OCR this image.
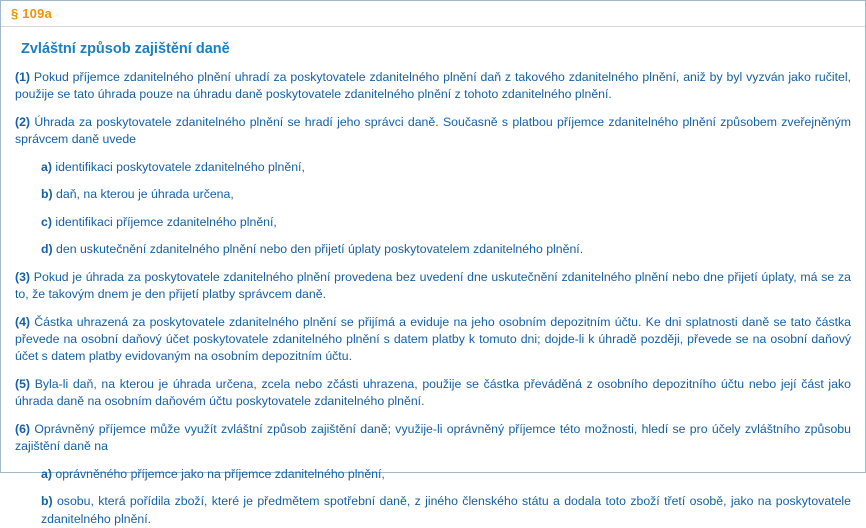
§ 109a
Zvláštní způsob zajištění daně

(1) Pokud příjemce zdanitelného plnění uhradí za poskytovatele zdanitelného plnění daň z takového zdanitelného plnění, aniž by byl vyzván jako ručitel, použije se tato úhrada pouze na úhradu daně poskytovatele zdanitelného plnění z tohoto zdanitelného plnění.

(2) Úhrada za poskytovatele zdanitelného plnění se hradí jeho správci daně. Současně s platbou příjemce zdanitelného plnění způsobem zveřejněným správcem daně uvede

a) identifikaci poskytovatele zdanitelného plnění,

b) daň, na kterou je úhrada určena,

c) identifikaci příjemce zdanitelného plnění,

d) den uskutečnění zdanitelného plnění nebo den přijetí úplaty poskytovatelem zdanitelného plnění.

(3) Pokud je úhrada za poskytovatele zdanitelného plnění provedena bez uvedení dne uskutečnění zdanitelného plnění nebo dne přijetí úplaty, má se za to, že takovým dnem je den přijetí platby správcem daně.

(4) Částka uhrazená za poskytovatele zdanitelného plnění se přijímá a eviduje na jeho osobním depozitním účtu. Ke dni splatnosti daně se tato částka převede na osobní daňový účet poskytovatele zdanitelného plnění s datem platby k tomuto dni; dojde-li k úhradě později, převede se na osobní daňový účet s datem platby evidovaným na osobním depozitním účtu.

(5) Byla-li daň, na kterou je úhrada určena, zcela nebo zčásti uhrazena, použije se částka převáděná z osobního depozitního účtu nebo její část jako úhrada daně na osobním daňovém účtu poskytovatele zdanitelného plnění.

(6) Oprávněný příjemce může využít zvláštní způsob zajištění daně; využije-li oprávněný příjemce této možnosti, hledí se pro účely zvláštního způsobu zajištění daně na

a) oprávněného příjemce jako na příjemce zdanitelného plnění,

b) osobu, která pořídila zboží, které je předmětem spotřební daně, z jiného členského státu a dodala toto zboží třetí osobě, jako na poskytovatele zdanitelného plnění.
